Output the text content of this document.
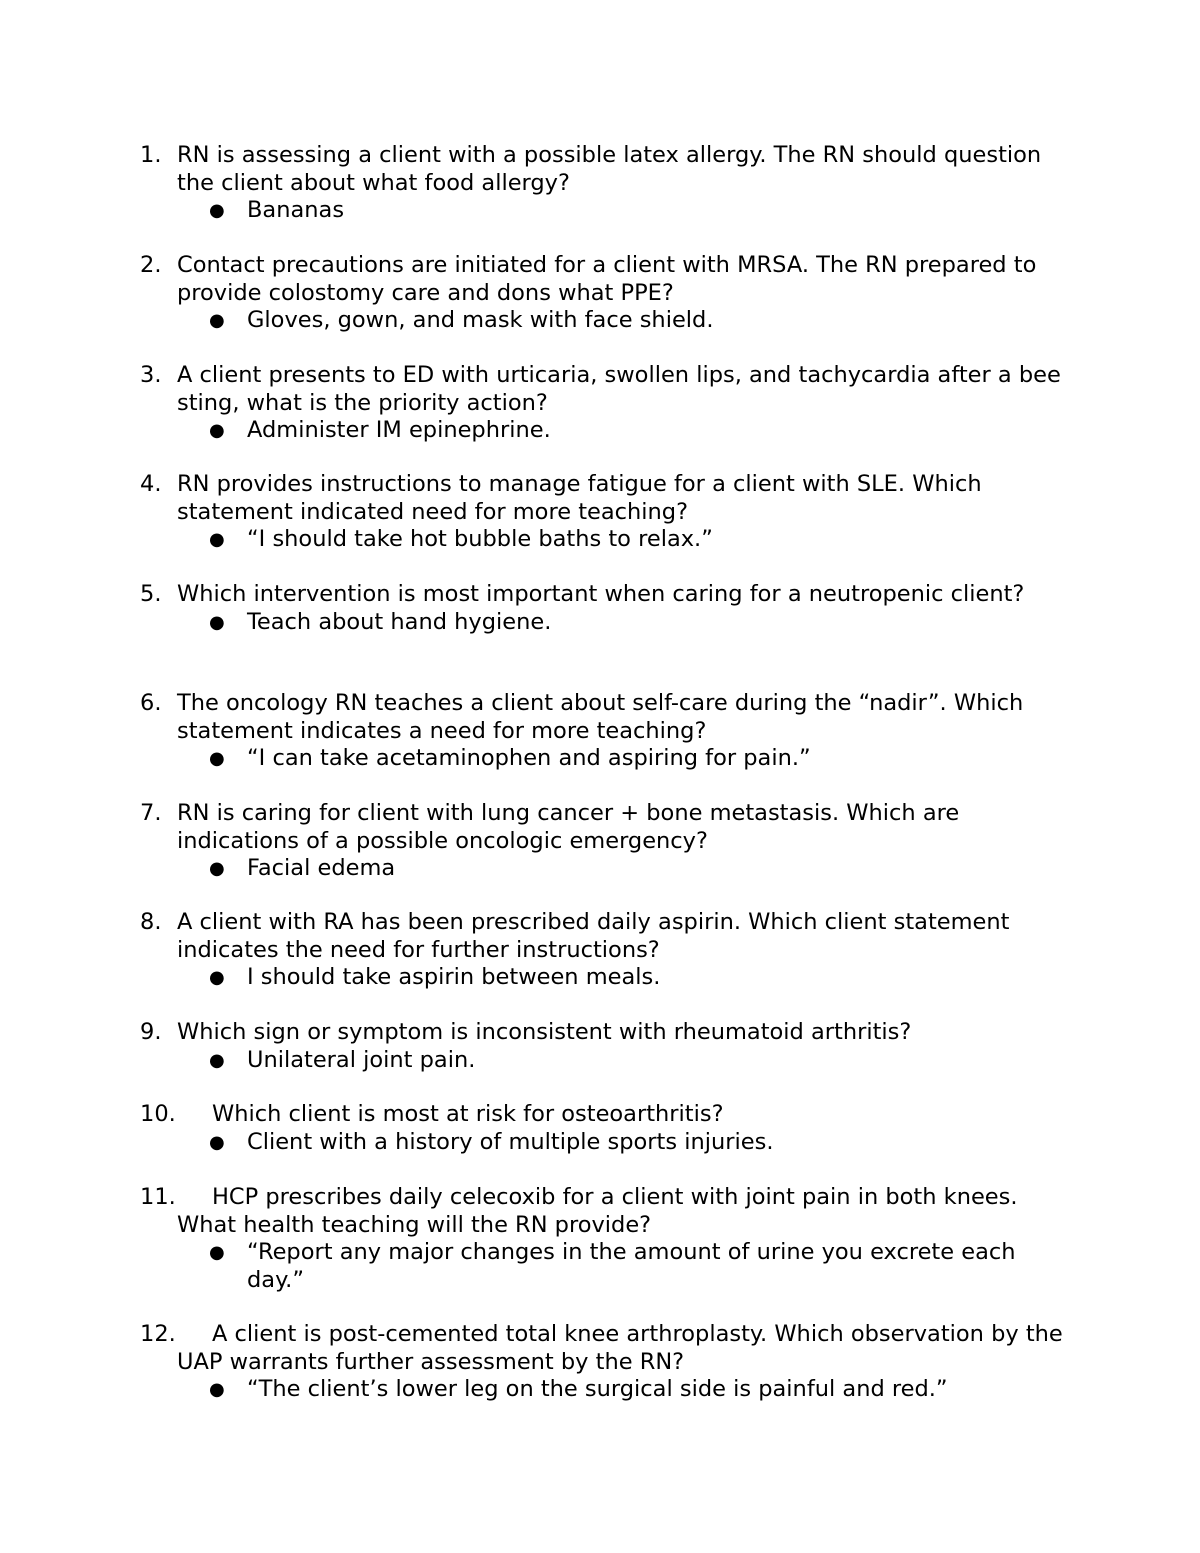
1. RN is assessing a client with a possible latex allergy. The RN should question the client about what food allergy?
● Bananas
2. Contact precautions are initiated for a client with MRSA. The RN prepared to provide colostomy care and dons what PPE?
● Gloves, gown, and mask with face shield.
3. A client presents to ED with urticaria, swollen lips, and tachycardia after a bee sting, what is the priority action?
● Administer IM epinephrine.
4. RN provides instructions to manage fatigue for a client with SLE. Which statement indicated need for more teaching?
● “I should take hot bubble baths to relax.”
5. Which intervention is most important when caring for a neutropenic client?
● Teach about hand hygiene.
6. The oncology RN teaches a client about self-care during the “nadir”. Which statement indicates a need for more teaching?
● “I can take acetaminophen and aspiring for pain.”
7. RN is caring for client with lung cancer + bone metastasis. Which are indications of a possible oncologic emergency?
● Facial edema
8. A client with RA has been prescribed daily aspirin. Which client statement indicates the need for further instructions?
● I should take aspirin between meals.
9. Which sign or symptom is inconsistent with rheumatoid arthritis?
● Unilateral joint pain.
10. Which client is most at risk for osteoarthritis?
● Client with a history of multiple sports injuries.
11. HCP prescribes daily celecoxib for a client with joint pain in both knees. What health teaching will the RN provide?
● “Report any major changes in the amount of urine you excrete each day.”
12. A client is post-cemented total knee arthroplasty. Which observation by the UAP warrants further assessment by the RN?
● “The client’s lower leg on the surgical side is painful and red.”
